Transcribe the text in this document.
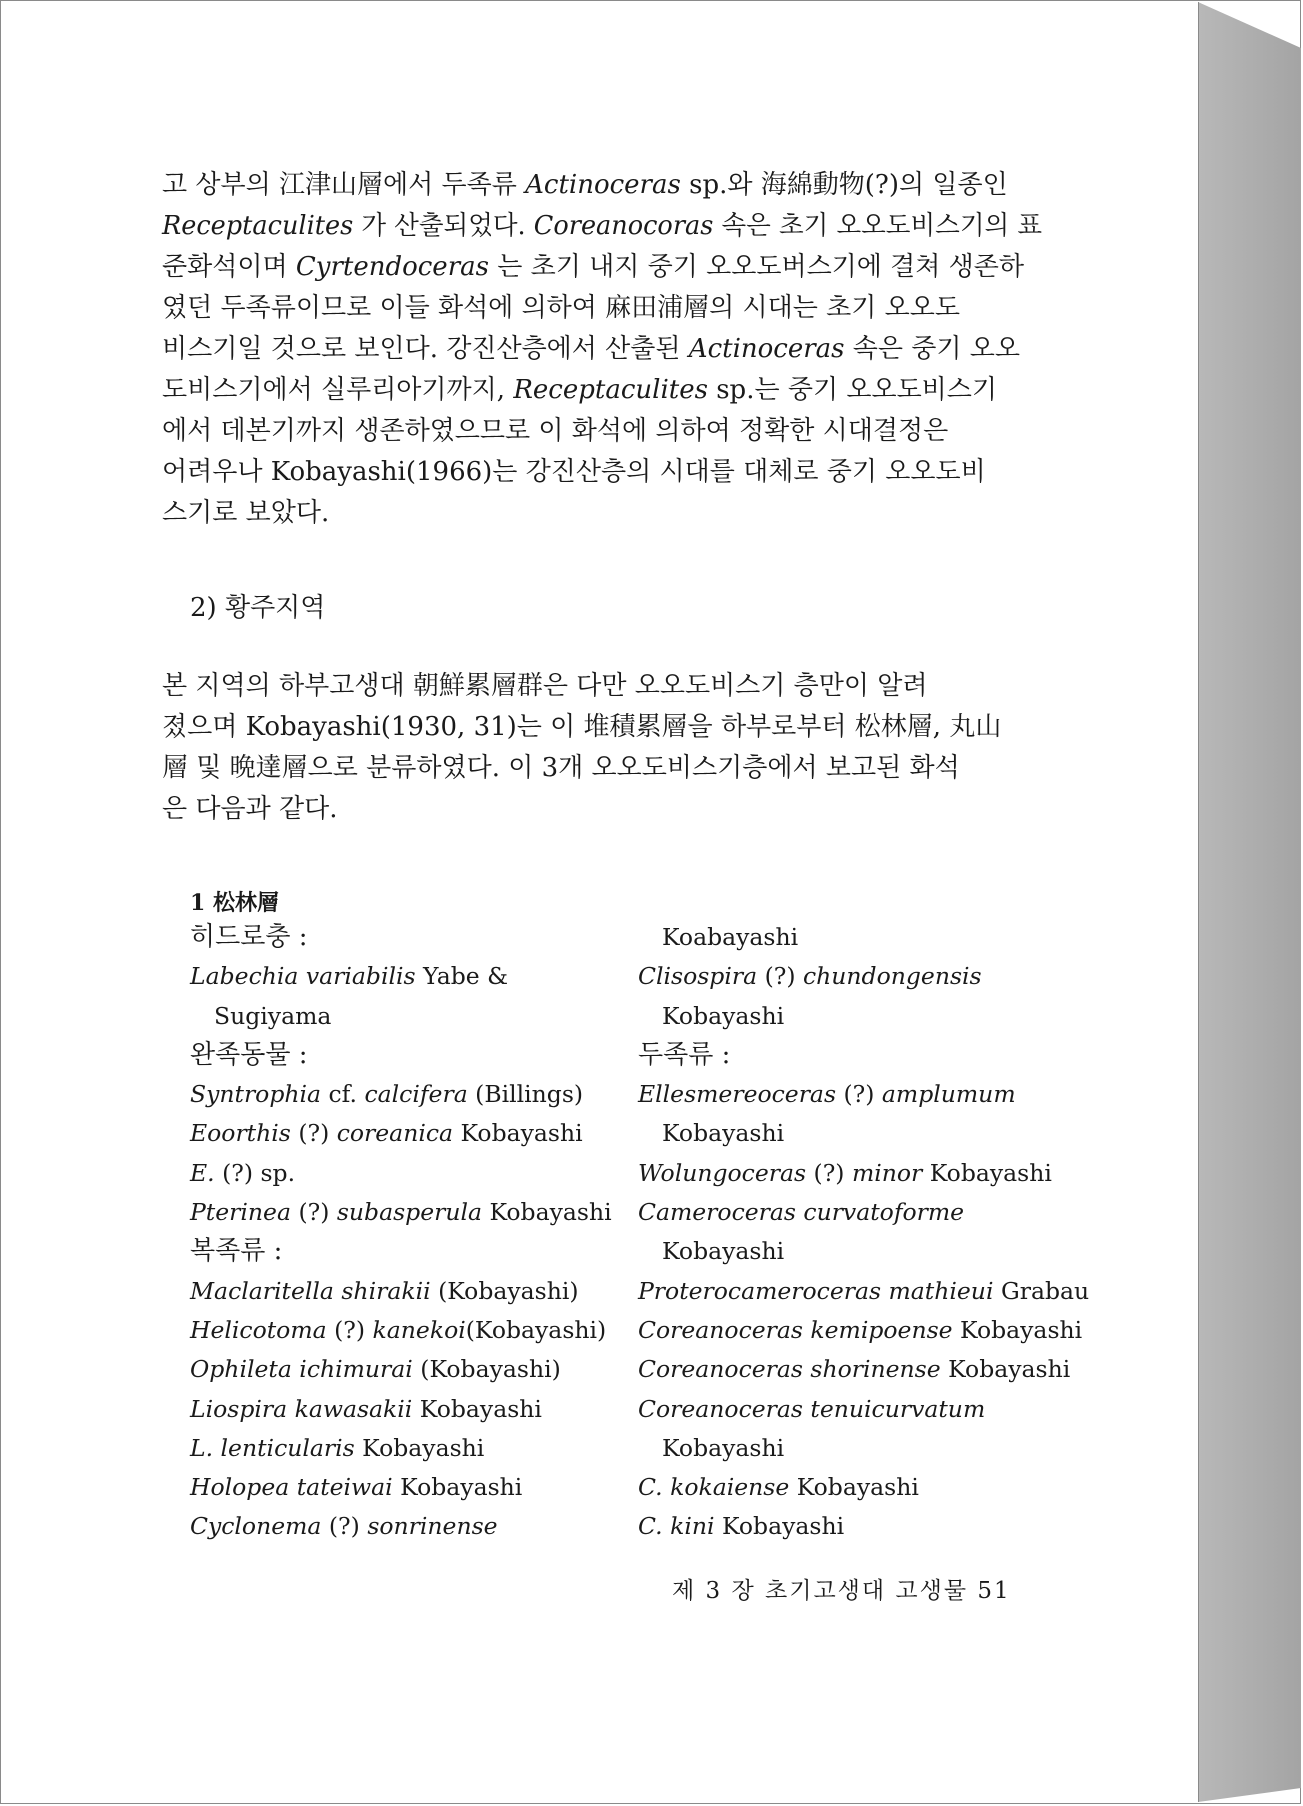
고 상부의 江津山層에서 두족류 Actinoceras sp.와 海綿動物(?)의 일종인
Receptaculites 가 산출되었다. Coreanocoras 속은 초기 오오도비스기의 표
준화석이며 Cyrtendoceras 는 초기 내지 중기 오오도버스기에 결쳐 생존하
였던 두족류이므로 이들 화석에 의하여 麻田浦層의 시대는 초기 오오도
비스기일 것으로 보인다. 강진산층에서 산출된 Actinoceras 속은 중기 오오
도비스기에서 실루리아기까지, Receptaculites sp.는 중기 오오도비스기
에서 데본기까지 생존하였으므로 이 화석에 의하여 정확한 시대결정은
어려우나 Kobayashi(1966)는 강진산층의 시대를 대체로 중기 오오도비
스기로 보았다.
2) 황주지역
본 지역의 하부고생대 朝鮮累層群은 다만 오오도비스기 층만이 알려
졌으며 Kobayashi(1930, 31)는 이 堆積累層을 하부로부터 松林層, 丸山
層 및 晩達層으로 분류하였다. 이 3개 오오도비스기층에서 보고된 화석
은 다음과 같다.
1 松林層
히드로충 :
Labechia variabilis Yabe &
Sugiyama
완족동물 :
Syntrophia cf. calcifera (Billings)
Eoorthis (?) coreanica Kobayashi
E. (?) sp.
Pterinea (?) subasperula Kobayashi
복족류 :
Maclaritella shirakii (Kobayashi)
Helicotoma (?) kanekoi(Kobayashi)
Ophileta ichimurai (Kobayashi)
Liospira kawasakii Kobayashi
L. lenticularis Kobayashi
Holopea tateiwai Kobayashi
Cyclonema (?) sonrinense
Koabayashi
Clisospira (?) chundongensis
Kobayashi
두족류 :
Ellesmereoceras (?) amplumum
Kobayashi
Wolungoceras (?) minor Kobayashi
Cameroceras curvatoforme
Kobayashi
Proterocameroceras mathieui Grabau
Coreanoceras kemipoense Kobayashi
Coreanoceras shorinense Kobayashi
Coreanoceras tenuicurvatum
Kobayashi
C. kokaiense Kobayashi
C. kini Kobayashi
제 3 장 초기고생대 고생물 51
